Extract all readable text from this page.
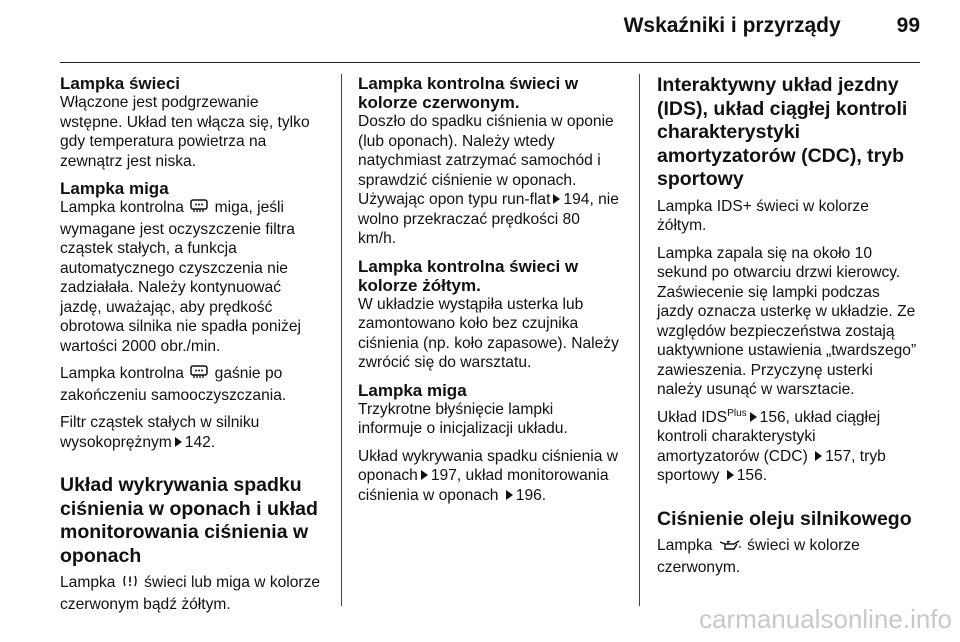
Wskaźniki i przyrządy	99
Lampka świeci

Włączone jest podgrzewanie wstępne. Układ ten włącza się, tylko gdy temperatura powietrza na zewnątrz jest niska.

Lampka miga

Lampka kontrolna miga, jeśli wymagane jest oczyszczenie filtra cząstek stałych, a funkcja automatycznego czyszczenia nie zadziałała. Należy kontynuować jazdę, uważając, aby prędkość obrotowa silnika nie spadła poniżej wartości 2000 obr./min.

Lampka kontrolna gaśnie po zakończeniu samooczyszczania.

Filtr cząstek stałych w silniku wysokoprężnym 142.

Układ wykrywania spadku ciśnienia w oponach i układ monitorowania ciśnienia w oponach

Lampka świeci lub miga w kolorze czerwonym bądź żółtym.

Lampka kontrolna świeci w kolorze czerwonym.

Doszło do spadku ciśnienia w oponie (lub oponach). Należy wtedy natychmiast zatrzymać samochód i sprawdzić ciśnienie w oponach. Używając opon typu run-flat 194, nie wolno przekraczać prędkości 80 km/h.

Lampka kontrolna świeci w kolorze żółtym.

W układzie wystąpiła usterka lub zamontowano koło bez czujnika ciśnienia (np. koło zapasowe). Należy zwrócić się do warsztatu.

Lampka miga

Trzykrotne błyśnięcie lampki informuje o inicjalizacji układu.

Układ wykrywania spadku ciśnienia w oponach 197, układ monitorowania ciśnienia w oponach 196.

Interaktywny układ jezdny (IDS), układ ciągłej kontroli charakterystyki amortyzatorów (CDC), tryb sportowy

Lampka IDS+ świeci w kolorze żółtym.

Lampka zapala się na około 10 sekund po otwarciu drzwi kierowcy. Zaświecenie się lampki podczas jazdy oznacza usterkę w układzie. Ze względów bezpieczeństwa zostają uaktywnione ustawienia „twardszego” zawieszenia. Przyczynę usterki należy usunąć w warsztacie.

Układ $IDS^{Plus}$ 156, układ ciągłej kontroli charakterystyki amortyzatorów (CDC) 157, tryb sportowy 156.

Ciśnienie oleju silnikowego

Lampka świeci w kolorze czerwonym.

carmanualsonline.info
